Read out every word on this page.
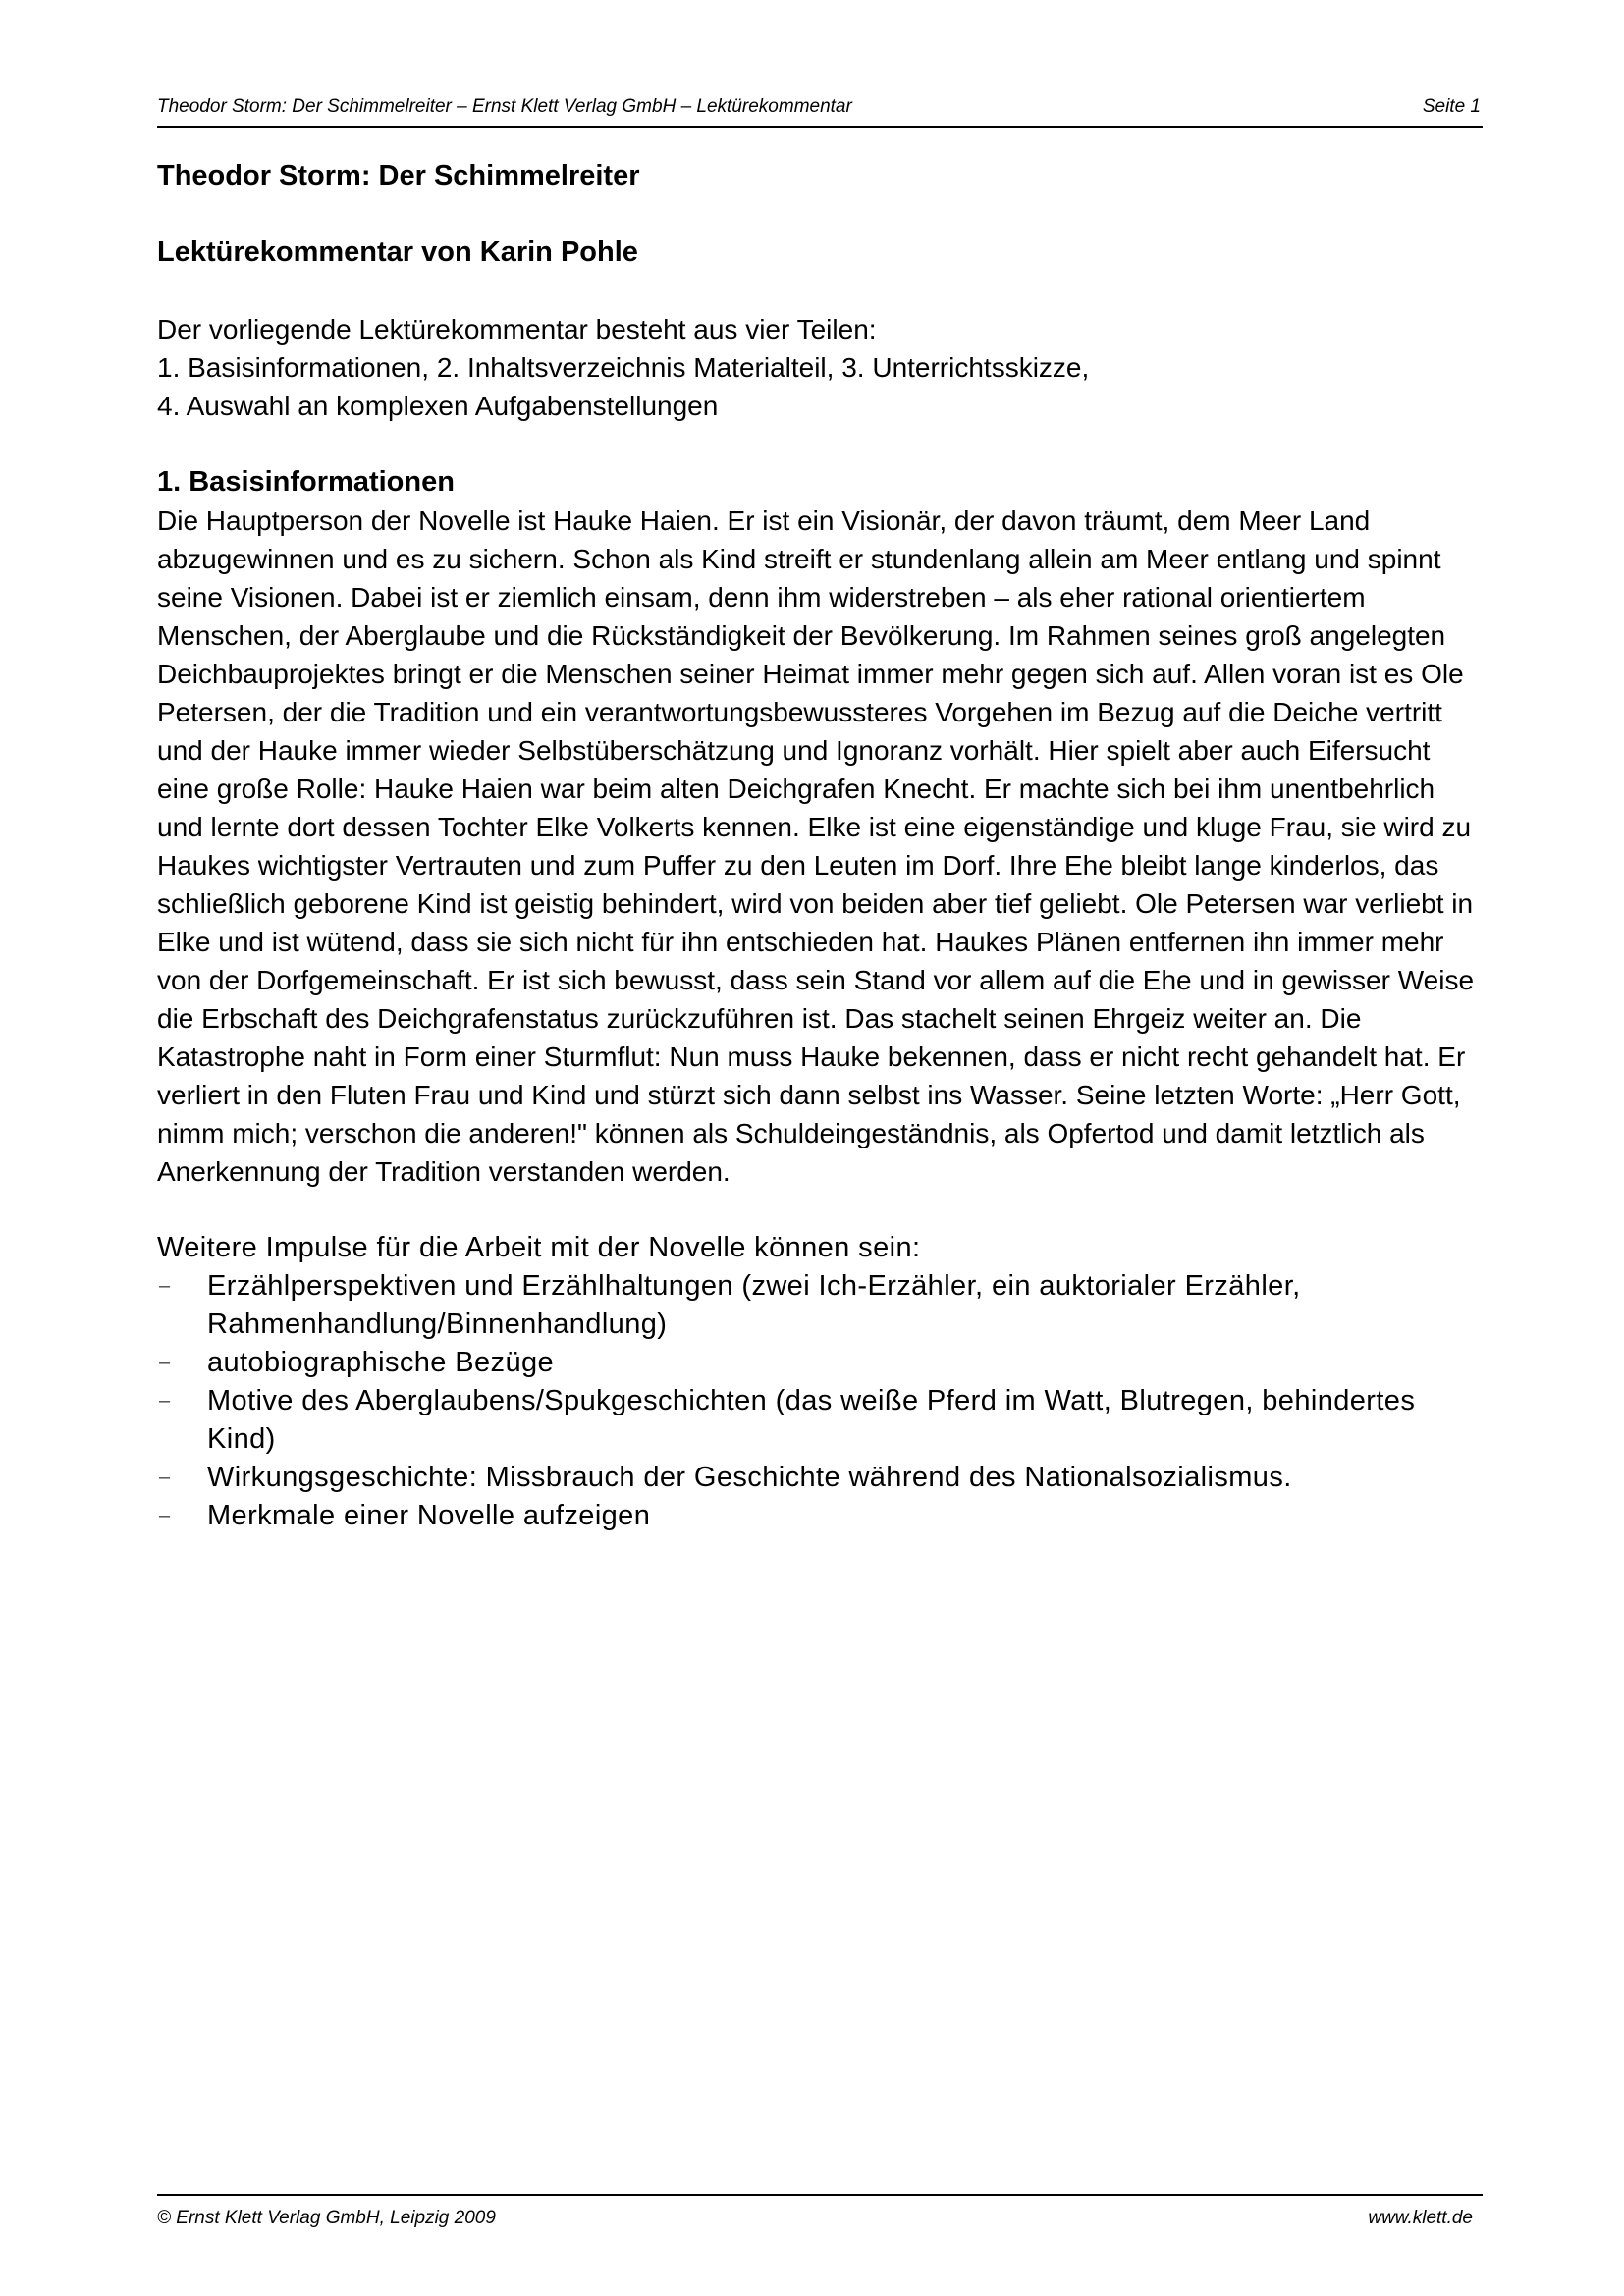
Theodor Storm: Der Schimmelreiter – Ernst Klett Verlag GmbH – Lektürekommentar	Seite 1

Theodor Storm: Der Schimmelreiter

Lektürekommentar von Karin Pohle

Der vorliegende Lektürekommentar besteht aus vier Teilen:

1. Basisinformationen, 2. Inhaltsverzeichnis Materialteil, 3. Unterrichtsskizze,

4. Auswahl an komplexen Aufgabenstellungen

1. Basisinformationen

Die Hauptperson der Novelle ist Hauke Haien. Er ist ein Visionär, der davon träumt, dem Meer Land abzugewinnen und es zu sichern. Schon als Kind streift er stundenlang allein am Meer entlang und spinnt seine Visionen. Dabei ist er ziemlich einsam, denn ihm widerstreben – als eher rational orientiertem Menschen, der Aberglaube und die Rückständigkeit der Bevölkerung. Im Rahmen seines groß angelegten Deichbauprojektes bringt er die Menschen seiner Heimat immer mehr gegen sich auf. Allen voran ist es Ole Petersen, der die Tradition und ein verantwortungsbewussteres Vorgehen im Bezug auf die Deiche vertritt und der Hauke immer wieder Selbstüberschätzung und Ignoranz vorhält. Hier spielt aber auch Eifersucht eine große Rolle: Hauke Haien war beim alten Deichgrafen Knecht. Er machte sich bei ihm unentbehrlich und lernte dort dessen Tochter Elke Volkerts kennen. Elke ist eine eigenständige und kluge Frau, sie wird zu Haukes wichtigster Vertrauten und zum Puffer zu den Leuten im Dorf. Ihre Ehe bleibt lange kinderlos, das schließlich geborene Kind ist geistig behindert, wird von beiden aber tief geliebt. Ole Petersen war verliebt in Elke und ist wütend, dass sie sich nicht für ihn entschieden hat. Haukes Plänen entfernen ihn immer mehr von der Dorfgemeinschaft. Er ist sich bewusst, dass sein Stand vor allem auf die Ehe und in gewisser Weise die Erbschaft des Deichgrafenstatus zurückzuführen ist. Das stachelt seinen Ehrgeiz weiter an. Die Katastrophe naht in Form einer Sturmflut: Nun muss Hauke bekennen, dass er nicht recht gehandelt hat. Er verliert in den Fluten Frau und Kind und stürzt sich dann selbst ins Wasser. Seine letzten Worte: „Herr Gott, nimm mich; verschon die anderen!" können als Schuldeingeständnis, als Opfertod und damit letztlich als Anerkennung der Tradition verstanden werden.

Weitere Impulse für die Arbeit mit der Novelle können sein:

– Erzählperspektiven und Erzählhaltungen (zwei Ich-Erzähler, ein auktorialer Erzähler, Rahmenhandlung/Binnenhandlung)
– autobiographische Bezüge
– Motive des Aberglaubens/Spukgeschichten (das weiße Pferd im Watt, Blutregen, behindertes Kind)
– Wirkungsgeschichte: Missbrauch der Geschichte während des Nationalsozialismus.
– Merkmale einer Novelle aufzeigen
© Ernst Klett Verlag GmbH, Leipzig 2009	www.klett.de
